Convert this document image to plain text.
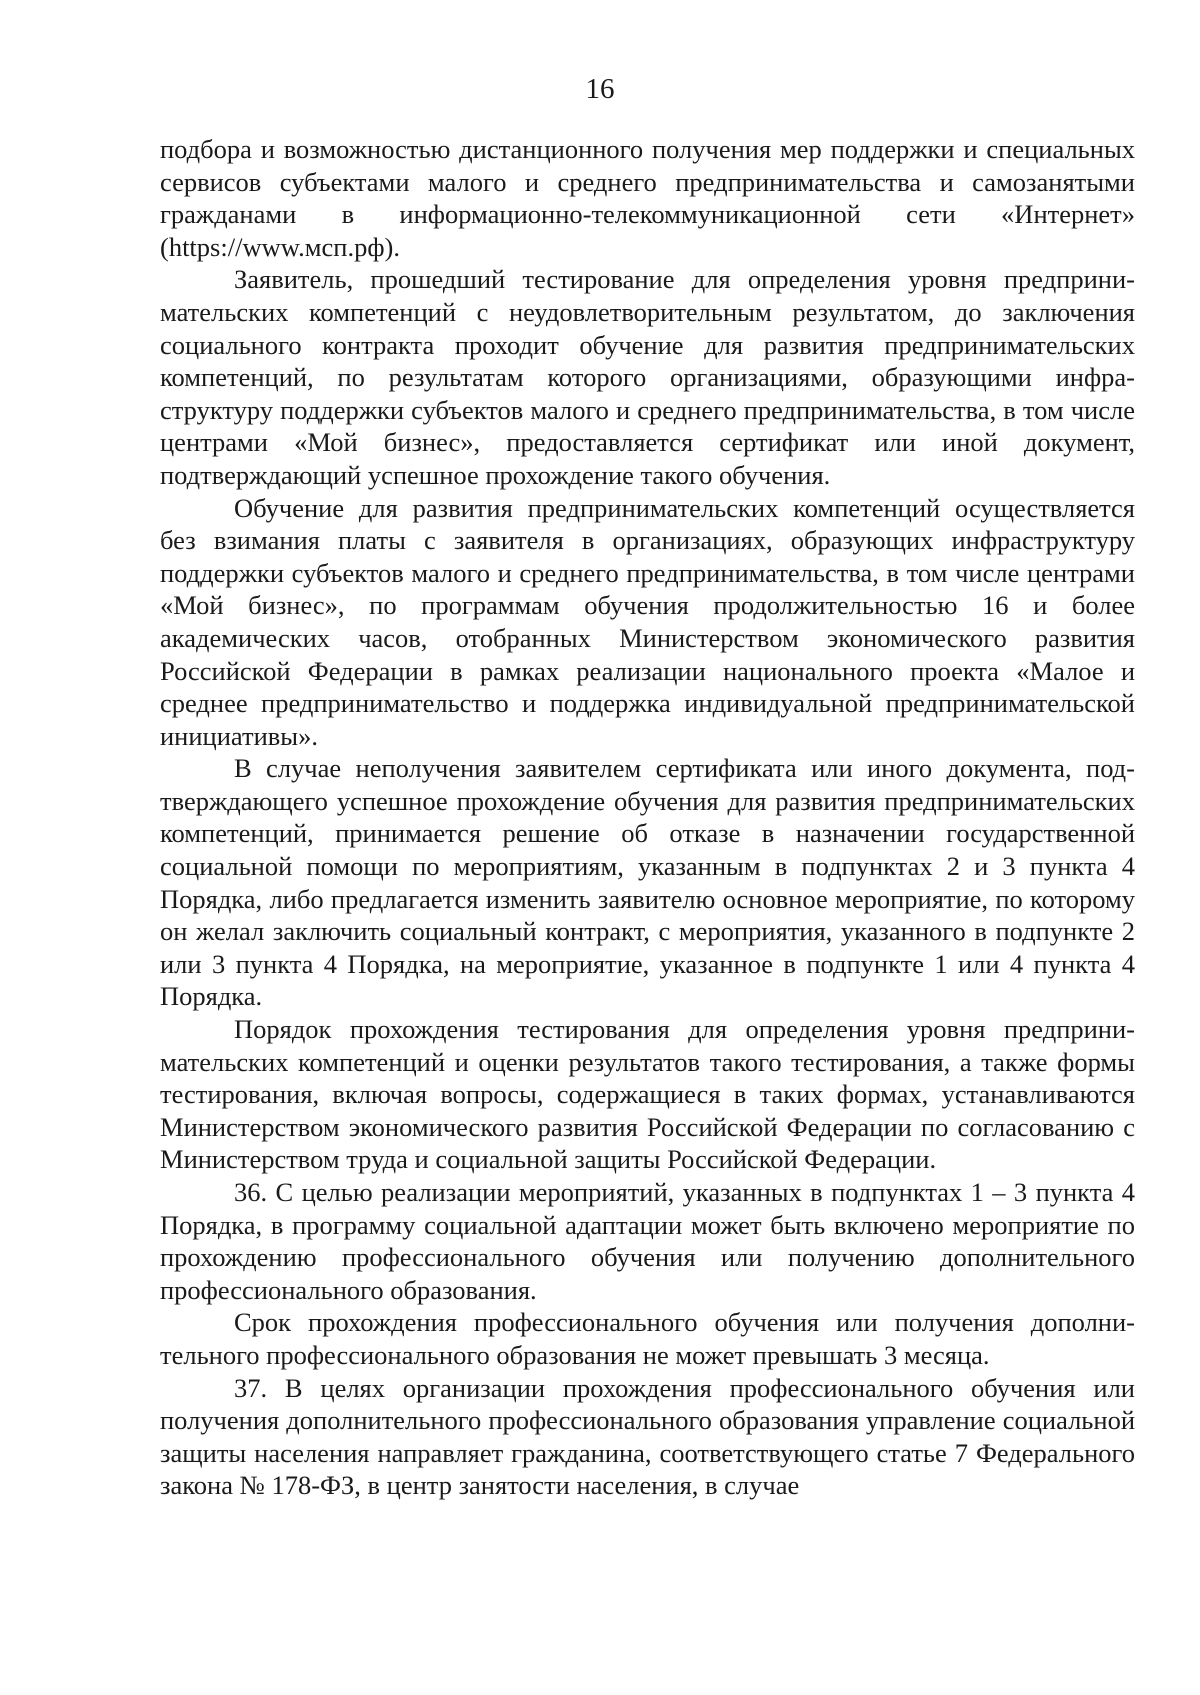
16

подбора и возможностью дистанционного получения мер поддержки и специальных сервисов субъектами малого и среднего предпринимательства и самозанятыми гражданами в информационно-телекоммуникационной сети «Интернет» (https://www.мсп.рф).

Заявитель, прошедший тестирование для определения уровня предпринимательских компетенций с неудовлетворительным результатом, до заключения социального контракта проходит обучение для развития предпринимательских компетенций, по результатам которого организациями, образующими инфраструктуру поддержки субъектов малого и среднего предпринимательства, в том числе центрами «Мой бизнес», предоставляется сертификат или иной документ, подтверждающий успешное прохождение такого обучения.

Обучение для развития предпринимательских компетенций осуществляется без взимания платы с заявителя в организациях, образующих инфраструктуру поддержки субъектов малого и среднего предпринимательства, в том числе центрами «Мой бизнес», по программам обучения продолжительностью 16 и более академических часов, отобранных Министерством экономического развития Российской Федерации в рамках реализации национального проекта «Малое и среднее предпринимательство и поддержка индивидуальной предпринимательской инициативы».

В случае неполучения заявителем сертификата или иного документа, подтверждающего успешное прохождение обучения для развития предпринимательских компетенций, принимается решение об отказе в назначении государственной социальной помощи по мероприятиям, указанным в подпунктах 2 и 3 пункта 4 Порядка, либо предлагается изменить заявителю основное мероприятие, по которому он желал заключить социальный контракт, с мероприятия, указанного в подпункте 2 или 3 пункта 4 Порядка, на мероприятие, указанное в подпункте 1 или 4 пункта 4 Порядка.

Порядок прохождения тестирования для определения уровня предпринимательских компетенций и оценки результатов такого тестирования, а также формы тестирования, включая вопросы, содержащиеся в таких формах, устанавливаются Министерством экономического развития Российской Федерации по согласованию с Министерством труда и социальной защиты Российской Федерации.

36. С целью реализации мероприятий, указанных в подпунктах 1 – 3 пункта 4 Порядка, в программу социальной адаптации может быть включено мероприятие по прохождению профессионального обучения или получению дополнительного профессионального образования.

Срок прохождения профессионального обучения или получения дополнительного профессионального образования не может превышать 3 месяца.

37. В целях организации прохождения профессионального обучения или получения дополнительного профессионального образования управление социальной защиты населения направляет гражданина, соответствующего статье 7 Федерального закона № 178-ФЗ, в центр занятости населения, в случае
